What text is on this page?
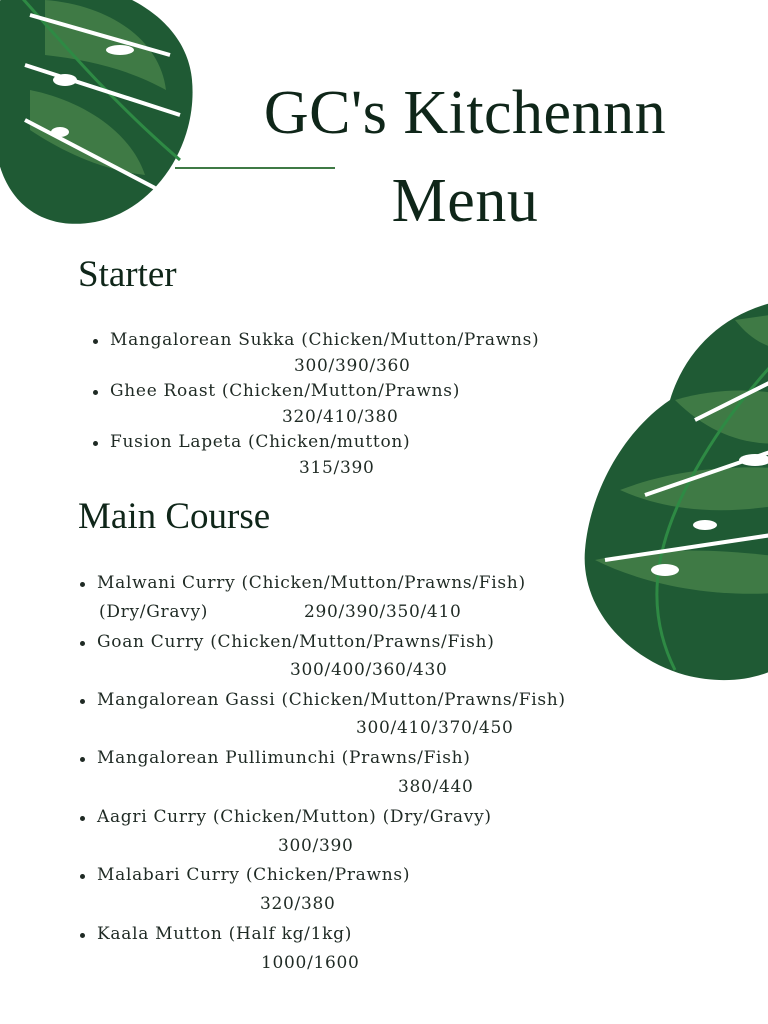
GC's Kitchennn
Menu
Starter
Mangalorean Sukka (Chicken/Mutton/Prawns)
300/390/360
Ghee Roast (Chicken/Mutton/Prawns)
320/410/380
Fusion Lapeta (Chicken/mutton)
315/390
Main Course
Malwani Curry (Chicken/Mutton/Prawns/Fish)
(Dry/Gravy)	290/390/350/410
Goan Curry (Chicken/Mutton/Prawns/Fish)
300/400/360/430
Mangalorean Gassi (Chicken/Mutton/Prawns/Fish)
300/410/370/450
Mangalorean Pullimunchi (Prawns/Fish)
380/440
Aagri Curry (Chicken/Mutton) (Dry/Gravy)
300/390
Malabari Curry (Chicken/Prawns)
320/380
Kaala Mutton (Half kg/1kg)
1000/1600
